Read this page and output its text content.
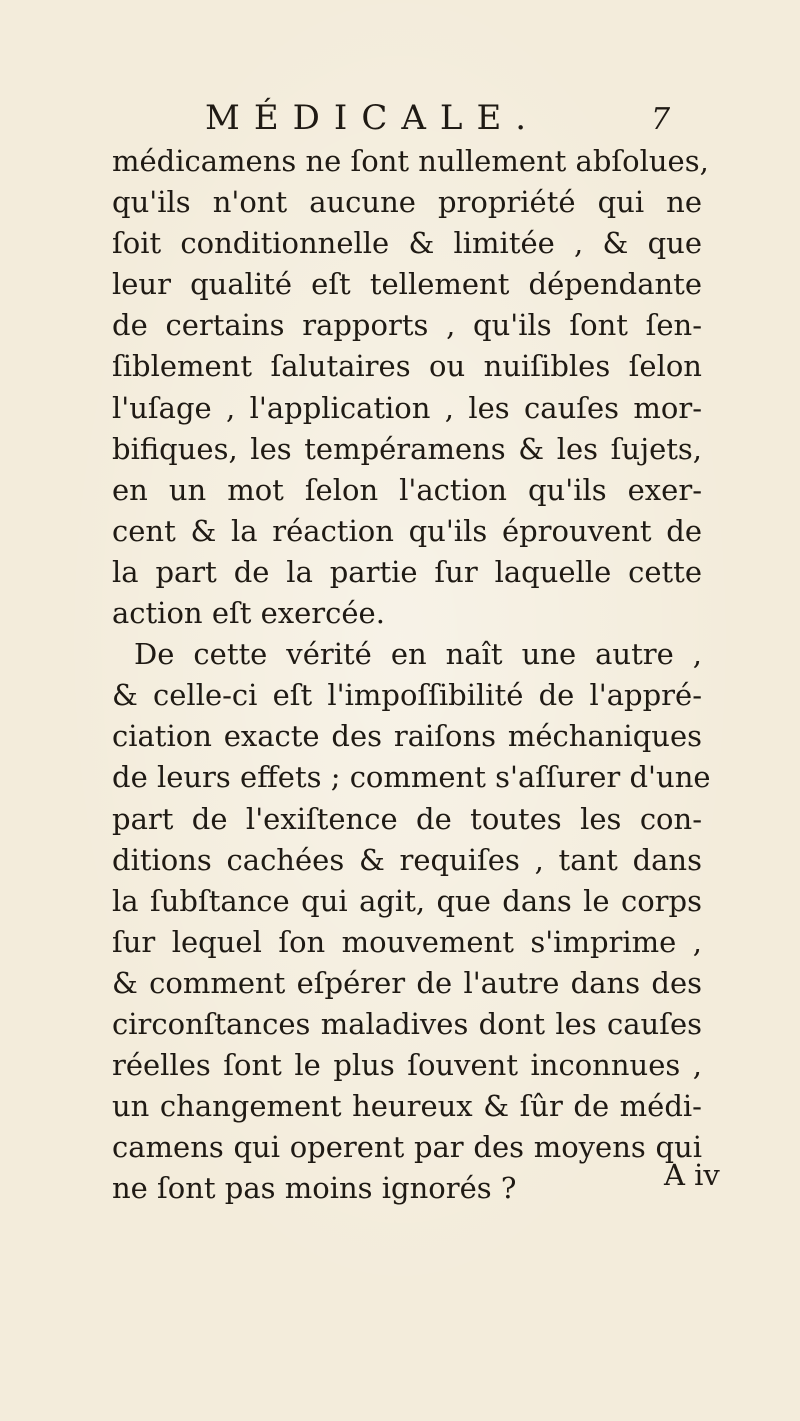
MÉDICALE.	7
médicamens ne ſont nullement abſolues,
qu'ils n'ont aucune propriété qui ne
ſoit conditionnelle & limitée , & que
leur qualité eſt tellement dépendante
de certains rapports , qu'ils ſont ſen-
ſiblement ſalutaires ou nuiſibles ſelon
l'uſage , l'application , les cauſes mor-
bifiques, les tempéramens & les ſujets,
en un mot ſelon l'action qu'ils exer-
cent & la réaction qu'ils éprouvent de
la part de la partie ſur laquelle cette
action eſt exercée.
De cette vérité en naît une autre ,
& celle-ci eſt l'impoſſibilité de l'appré-
ciation exacte des raiſons méchaniques
de leurs effets ; comment s'aſſurer d'une
part de l'exiſtence de toutes les con-
ditions cachées & requiſes , tant dans
la ſubſtance qui agit, que dans le corps
ſur lequel ſon mouvement s'imprime ,
& comment eſpérer de l'autre dans des
circonſtances maladives dont les cauſes
réelles ſont le plus ſouvent inconnues ,
un changement heureux & ſûr de médi-
camens qui operent par des moyens qui
ne ſont pas moins ignorés ?	A iv
